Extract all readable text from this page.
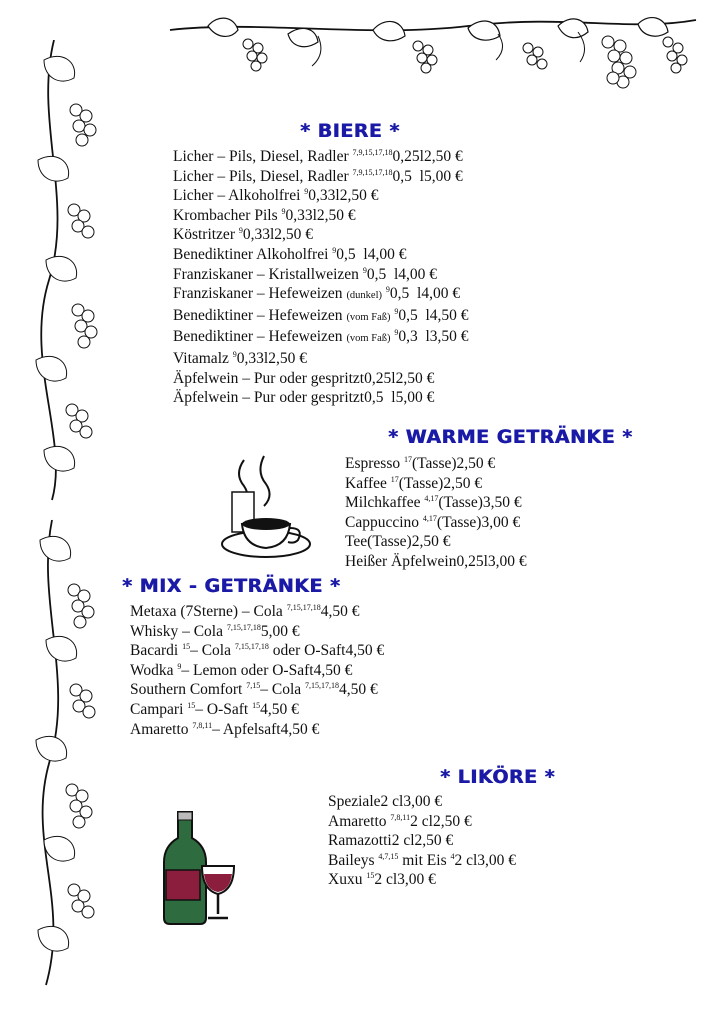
* BIERE *
Licher – Pils, Diesel, Radler $^{7,9,15,17,18}$0,25l2,50 €
Licher – Pils, Diesel, Radler $^{7,9,15,17,18}$0,5  l5,00 €
Licher – Alkoholfrei $^9$0,33l2,50 €
Krombacher Pils $^9$0,33l2,50 €
Köstritzer $^9$0,33l2,50 €
Benediktiner Alkoholfrei $^9$0,5  l4,00 €
Franziskaner – Kristallweizen $^9$0,5  l4,00 €
Franziskaner – Hefeweizen (dunkel) $^9$0,5  l4,00 €
Benediktiner – Hefeweizen (vom Faß) $^9$0,5  l4,50 €
Benediktiner – Hefeweizen (vom Faß) $^9$0,3  l3,50 €
Vitamalz $^9$0,33l2,50 €
Äpfelwein – Pur oder gespritzt0,25l2,50 €
Äpfelwein – Pur oder gespritzt0,5  l5,00 €
* WARME GETRÄNKE *
Espresso $^{17}$(Tasse)2,50 €
Kaffee $^{17}$(Tasse)2,50 €
Milchkaffee $^{4,17}$(Tasse)3,50 €
Cappuccino $^{4,17}$(Tasse)3,00 €
Tee(Tasse)2,50 €
Heißer Äpfelwein0,25l3,00 €
* MIX - GETRÄNKE *
Metaxa (7Sterne) – Cola $^{7,15,17,18}$4,50 €
Whisky – Cola $^{7,15,17,18}$5,00 €
Bacardi $^{15}$– Cola $^{7,15,17,18}$ oder O-Saft4,50 €
Wodka $^9$– Lemon oder O-Saft4,50 €
Southern Comfort $^{7,15}$– Cola $^{7,15,17,18}$4,50 €
Campari $^{15}$– O-Saft $^{15}$4,50 €
Amaretto $^{7,8,11}$– Apfelsaft4,50 €
* LIKÖRE *
Speziale2 cl3,00 €
Amaretto $^{7,8,11}$2 cl2,50 €
Ramazotti2 cl2,50 €
Baileys $^{4,7,15}$ mit Eis $^4$2 cl3,00 €
Xuxu $^{15}$2 cl3,00 €
